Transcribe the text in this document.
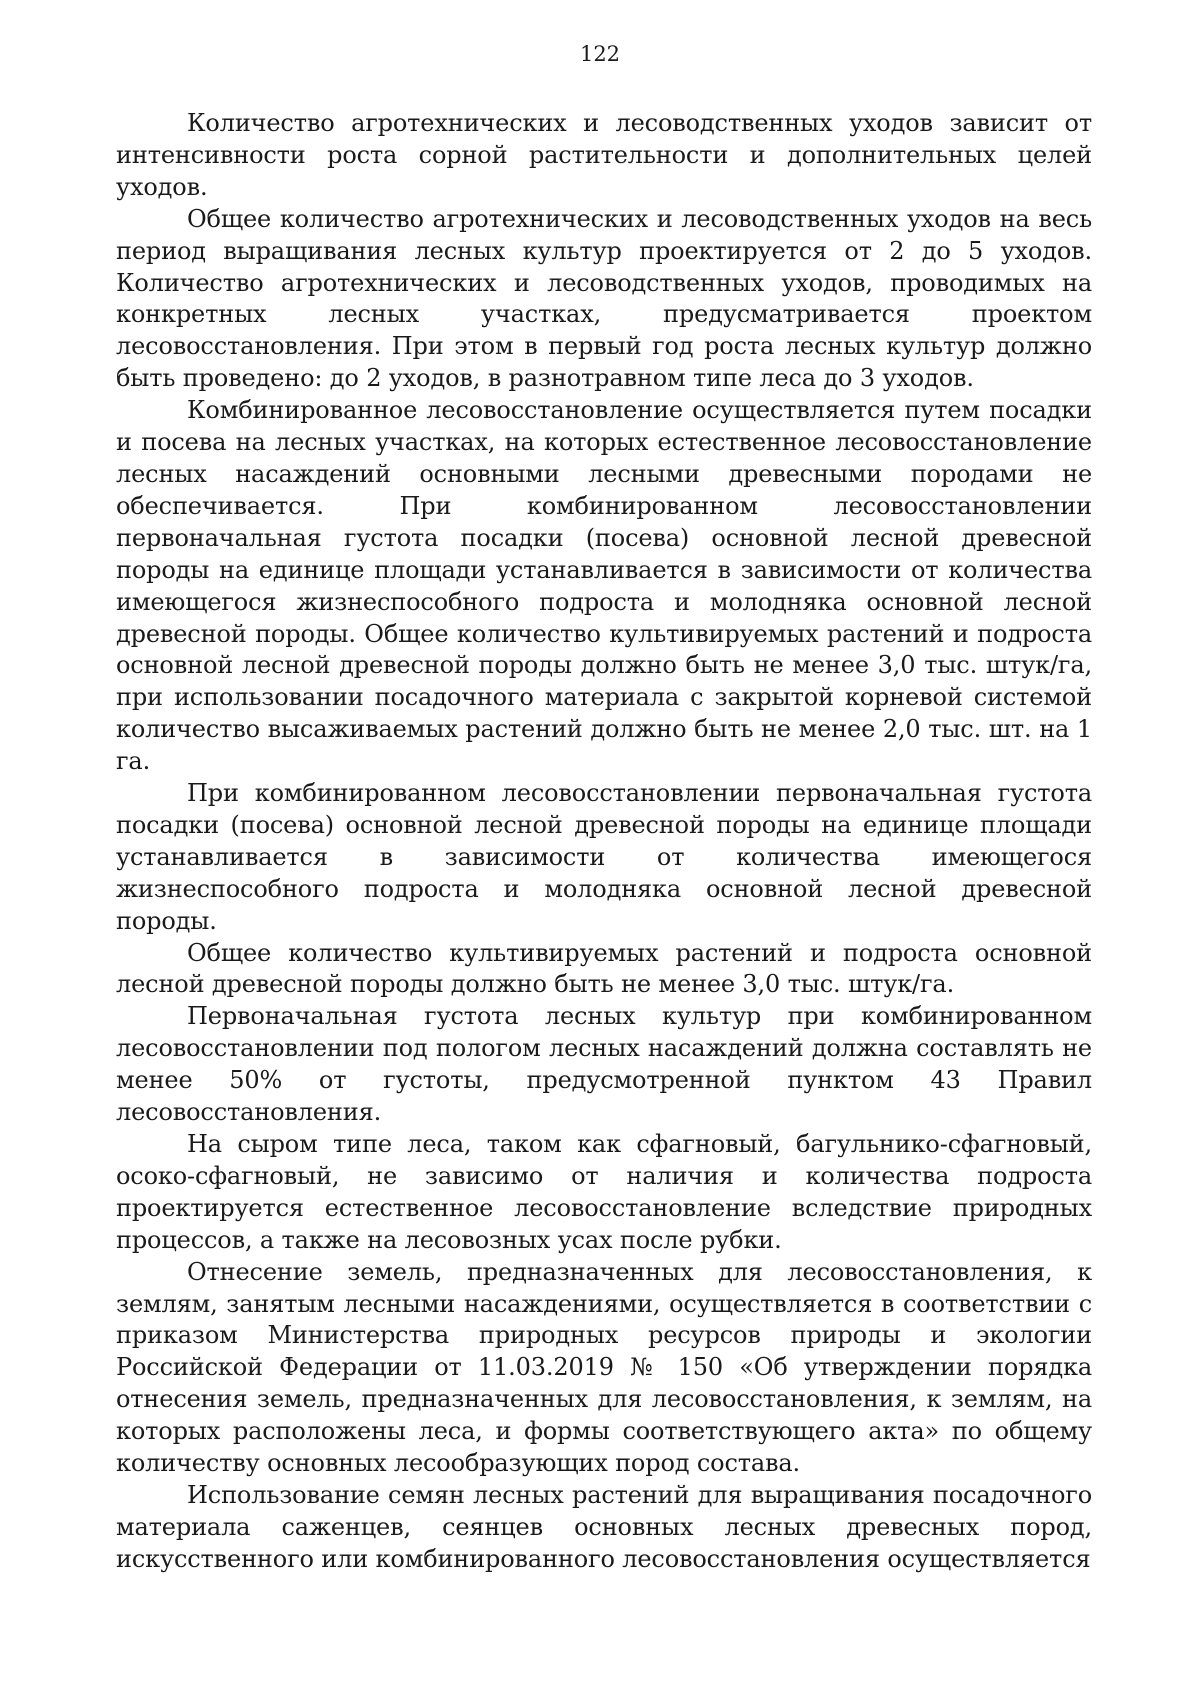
122

Количество агротехнических и лесоводственных уходов зависит от интенсивности роста сорной растительности и дополнительных целей уходов.

Общее количество агротехнических и лесоводственных уходов на весь период выращивания лесных культур проектируется от 2 до 5 уходов. Количество агротехнических и лесоводственных уходов, проводимых на конкретных лесных участках, предусматривается проектом лесовосстановления. При этом в первый год роста лесных культур должно быть проведено: до 2 уходов, в разнотравном типе леса до 3 уходов.

Комбинированное лесовосстановление осуществляется путем посадки и посева на лесных участках, на которых естественное лесовосстановление лесных насаждений основными лесными древесными породами не обеспечивается. При комбинированном лесовосстановлении первоначальная густота посадки (посева) основной лесной древесной породы на единице площади устанавливается в зависимости от количества имеющегося жизнеспособного подроста и молодняка основной лесной древесной породы. Общее количество культивируемых растений и подроста основной лесной древесной породы должно быть не менее 3,0 тыс. штук/га, при использовании посадочного материала с закрытой корневой системой количество высаживаемых растений должно быть не менее 2,0 тыс. шт. на 1 га.

При комбинированном лесовосстановлении первоначальная густота посадки (посева) основной лесной древесной породы на единице площади устанавливается в зависимости от количества имеющегося жизнеспособного подроста и молодняка основной лесной древесной породы.

Общее количество культивируемых растений и подроста основной лесной древесной породы должно быть не менее 3,0 тыс. штук/га.

Первоначальная густота лесных культур при комбинированном лесовосстановлении под пологом лесных насаждений должна составлять не менее 50% от густоты, предусмотренной пунктом 43 Правил лесовосстановления.

На сыром типе леса, таком как сфагновый, багульнико-сфагновый, осоко-сфагновый, не зависимо от наличия и количества подроста проектируется естественное лесовосстановление вследствие природных процессов, а также на лесовозных усах после рубки.

Отнесение земель, предназначенных для лесовосстановления, к землям, занятым лесными насаждениями, осуществляется в соответствии с приказом Министерства природных ресурсов природы и экологии Российской Федерации от 11.03.2019 № 150 «Об утверждении порядка отнесения земель, предназначенных для лесовосстановления, к землям, на которых расположены леса, и формы соответствующего акта» по общему количеству основных лесообразующих пород состава.

Использование семян лесных растений для выращивания посадочного материала саженцев, сеянцев основных лесных древесных пород, искусственного или комбинированного лесовосстановления осуществляется
